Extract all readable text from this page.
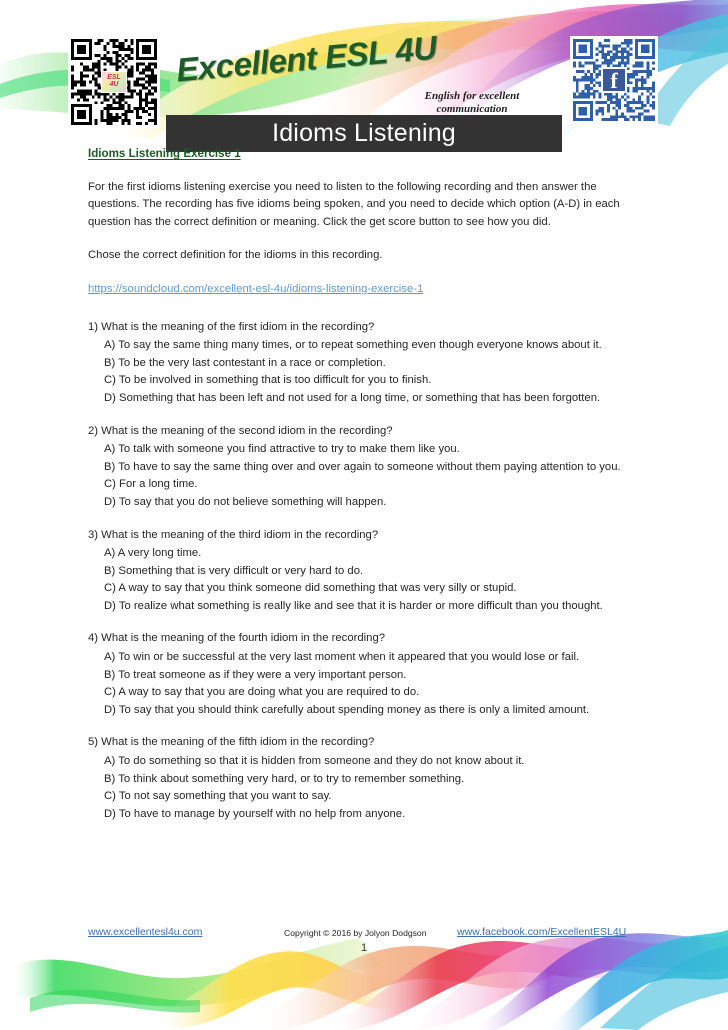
ESL
4U	f
Excellent ESL 4U
English for excellent
communication
Idioms Listening
Idioms Listening Exercise 1

For the first idioms listening exercise you need to listen to the following recording and then answer the questions. The recording has five idioms being spoken, and you need to decide which option (A-D) in each question has the correct definition or meaning. Click the get score button to see how you did.

Chose the correct definition for the idioms in this recording.

https://soundcloud.com/excellent-esl-4u/idioms-listening-exercise-1
1) What is the meaning of the first idiom in the recording?
A) To say the same thing many times, or to repeat something even though everyone knows about it.
B) To be the very last contestant in a race or completion.
C) To be involved in something that is too difficult for you to finish.
D) Something that has been left and not used for a long time, or something that has been forgotten.
2) What is the meaning of the second idiom in the recording?
A) To talk with someone you find attractive to try to make them like you.
B) To have to say the same thing over and over again to someone without them paying attention to you.
C) For a long time.
D) To say that you do not believe something will happen.
3) What is the meaning of the third idiom in the recording?
A) A very long time.
B) Something that is very difficult or very hard to do.
C) A way to say that you think someone did something that was very silly or stupid.
D) To realize what something is really like and see that it is harder or more difficult than you thought.
4) What is the meaning of the fourth idiom in the recording?
A) To win or be successful at the very last moment when it appeared that you would lose or fail.
B) To treat someone as if they were a very important person.
C) A way to say that you are doing what you are required to do.
D) To say that you should think carefully about spending money as there is only a limited amount.
5) What is the meaning of the fifth idiom in the recording?
A) To do something so that it is hidden from someone and they do not know about it.
B) To think about something very hard, or to try to remember something.
C) To not say something that you want to say.
D) To have to manage by yourself with no help from anyone.
www.excellentesl4u.com	Copyright © 2016 by Jolyon Dodgson	www.facebook.com/ExcellentESL4U
1
